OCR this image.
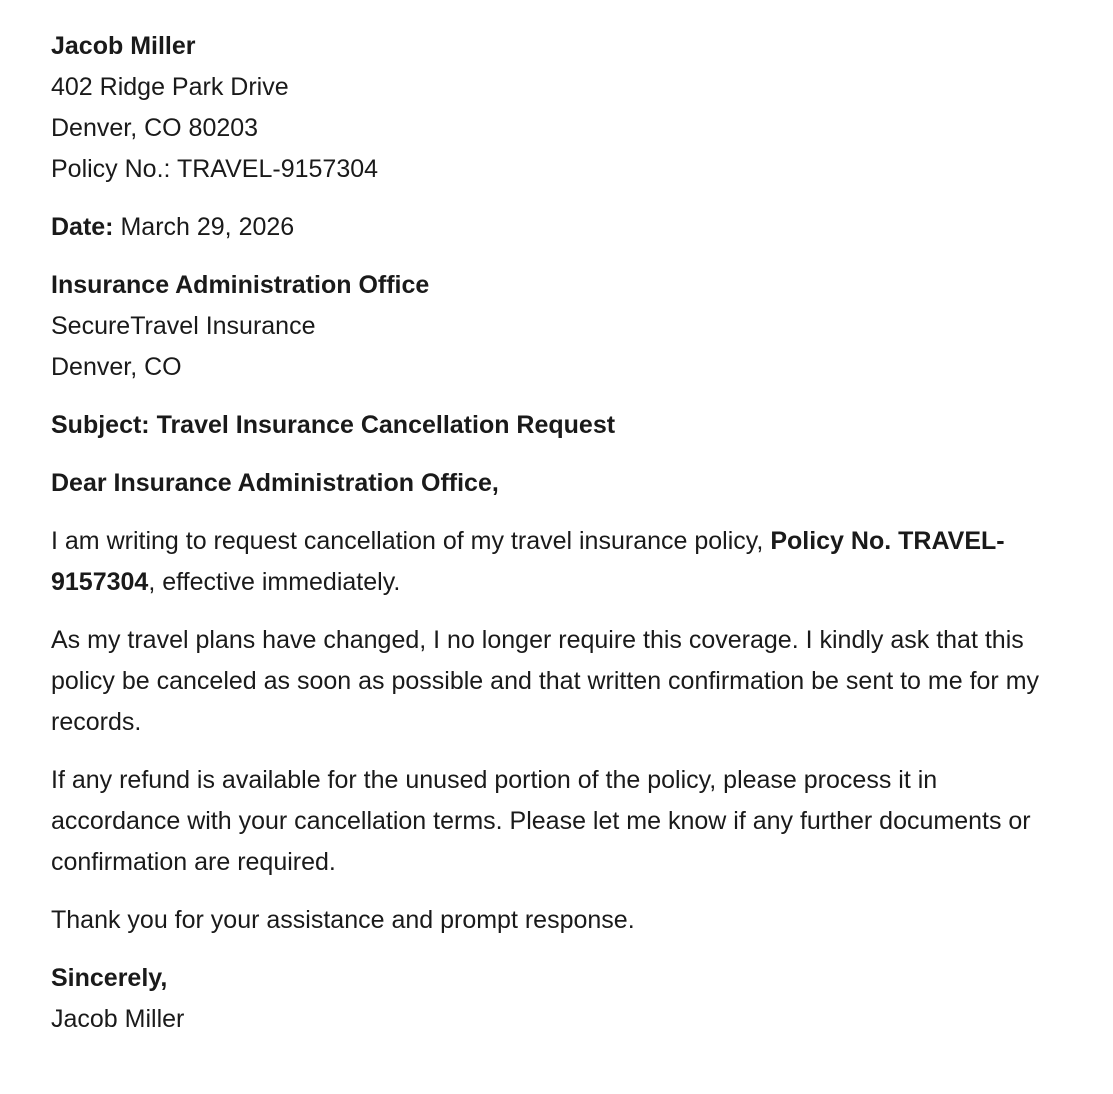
Jacob Miller
402 Ridge Park Drive
Denver, CO 80203
Policy No.: TRAVEL-9157304

Date: March 29, 2026

Insurance Administration Office
SecureTravel Insurance
Denver, CO

Subject: Travel Insurance Cancellation Request

Dear Insurance Administration Office,

I am writing to request cancellation of my travel insurance policy, Policy No. TRAVEL-9157304, effective immediately.

As my travel plans have changed, I no longer require this coverage. I kindly ask that this policy be canceled as soon as possible and that written confirmation be sent to me for my records.

If any refund is available for the unused portion of the policy, please process it in accordance with your cancellation terms. Please let me know if any further documents or confirmation are required.

Thank you for your assistance and prompt response.

Sincerely,
Jacob Miller
